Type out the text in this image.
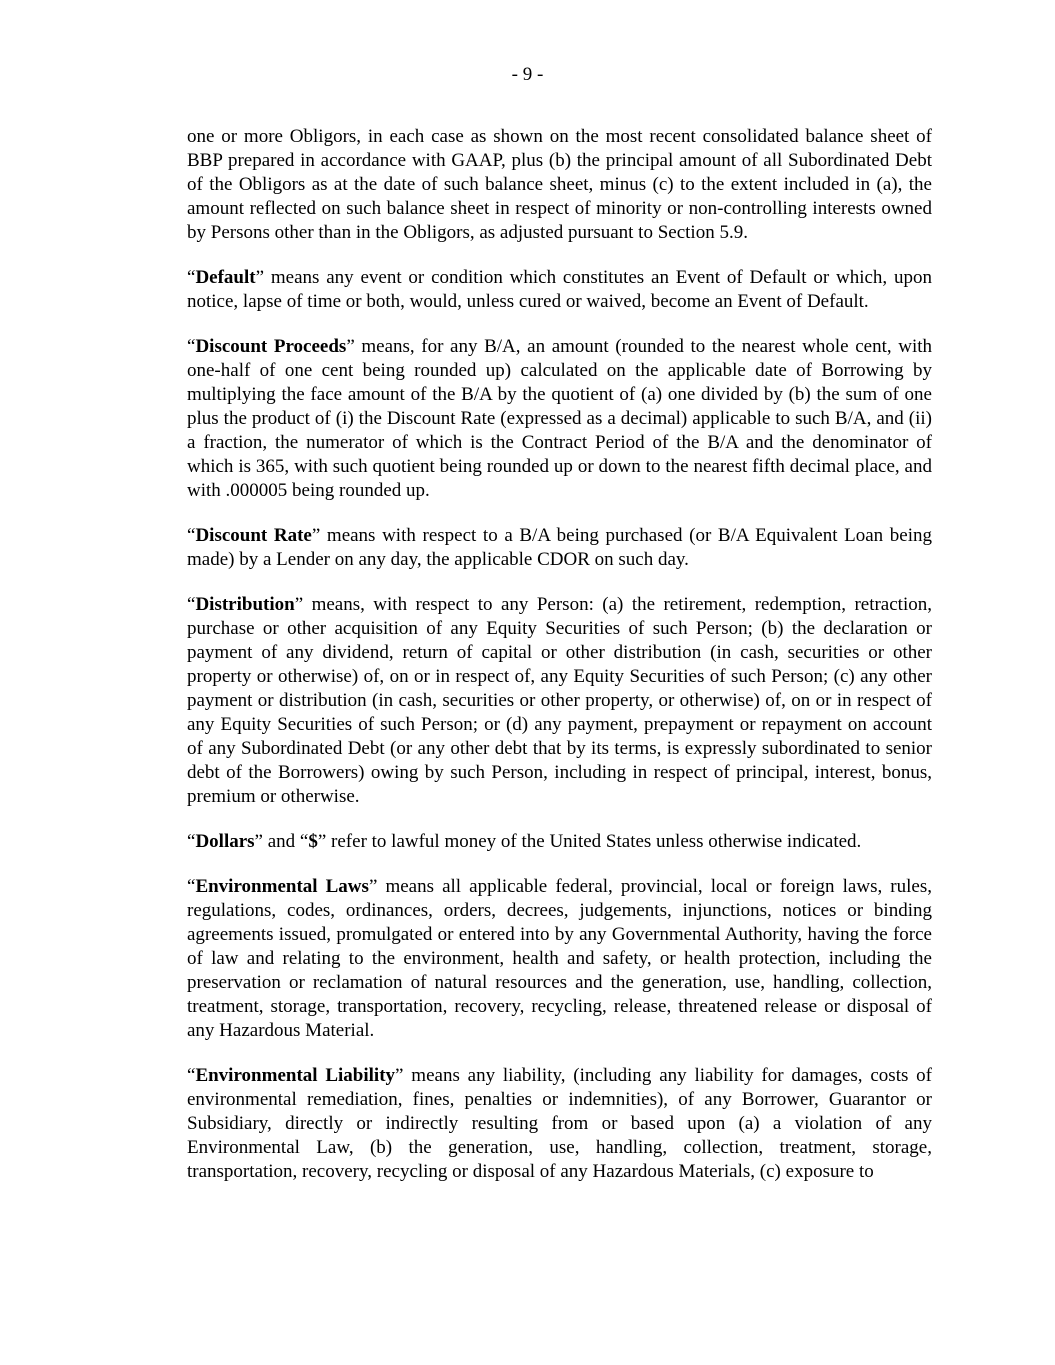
- 9 -

one or more Obligors, in each case as shown on the most recent consolidated balance sheet of BBP prepared in accordance with GAAP, plus (b) the principal amount of all Subordinated Debt of the Obligors as at the date of such balance sheet, minus (c) to the extent included in (a), the amount reflected on such balance sheet in respect of minority or non-controlling interests owned by Persons other than in the Obligors, as adjusted pursuant to Section 5.9.

“Default” means any event or condition which constitutes an Event of Default or which, upon notice, lapse of time or both, would, unless cured or waived, become an Event of Default.

“Discount Proceeds” means, for any B/A, an amount (rounded to the nearest whole cent, with one-half of one cent being rounded up) calculated on the applicable date of Borrowing by multiplying the face amount of the B/A by the quotient of (a) one divided by (b) the sum of one plus the product of (i) the Discount Rate (expressed as a decimal) applicable to such B/A, and (ii) a fraction, the numerator of which is the Contract Period of the B/A and the denominator of which is 365, with such quotient being rounded up or down to the nearest fifth decimal place, and with .000005 being rounded up.

“Discount Rate” means with respect to a B/A being purchased (or B/A Equivalent Loan being made) by a Lender on any day, the applicable CDOR on such day.

“Distribution” means, with respect to any Person: (a) the retirement, redemption, retraction, purchase or other acquisition of any Equity Securities of such Person; (b) the declaration or payment of any dividend, return of capital or other distribution (in cash, securities or other property or otherwise) of, on or in respect of, any Equity Securities of such Person; (c) any other payment or distribution (in cash, securities or other property, or otherwise) of, on or in respect of any Equity Securities of such Person; or (d) any payment, prepayment or repayment on account of any Subordinated Debt (or any other debt that by its terms, is expressly subordinated to senior debt of the Borrowers) owing by such Person, including in respect of principal, interest, bonus, premium or otherwise.

“Dollars” and “$” refer to lawful money of the United States unless otherwise indicated.

“Environmental Laws” means all applicable federal, provincial, local or foreign laws, rules, regulations, codes, ordinances, orders, decrees, judgements, injunctions, notices or binding agreements issued, promulgated or entered into by any Governmental Authority, having the force of law and relating to the environment, health and safety, or health protection, including the preservation or reclamation of natural resources and the generation, use, handling, collection, treatment, storage, transportation, recovery, recycling, release, threatened release or disposal of any Hazardous Material.

“Environmental Liability” means any liability, (including any liability for damages, costs of environmental remediation, fines, penalties or indemnities), of any Borrower, Guarantor or Subsidiary, directly or indirectly resulting from or based upon (a) a violation of any Environmental Law, (b) the generation, use, handling, collection, treatment, storage, transportation, recovery, recycling or disposal of any Hazardous Materials, (c) exposure to
